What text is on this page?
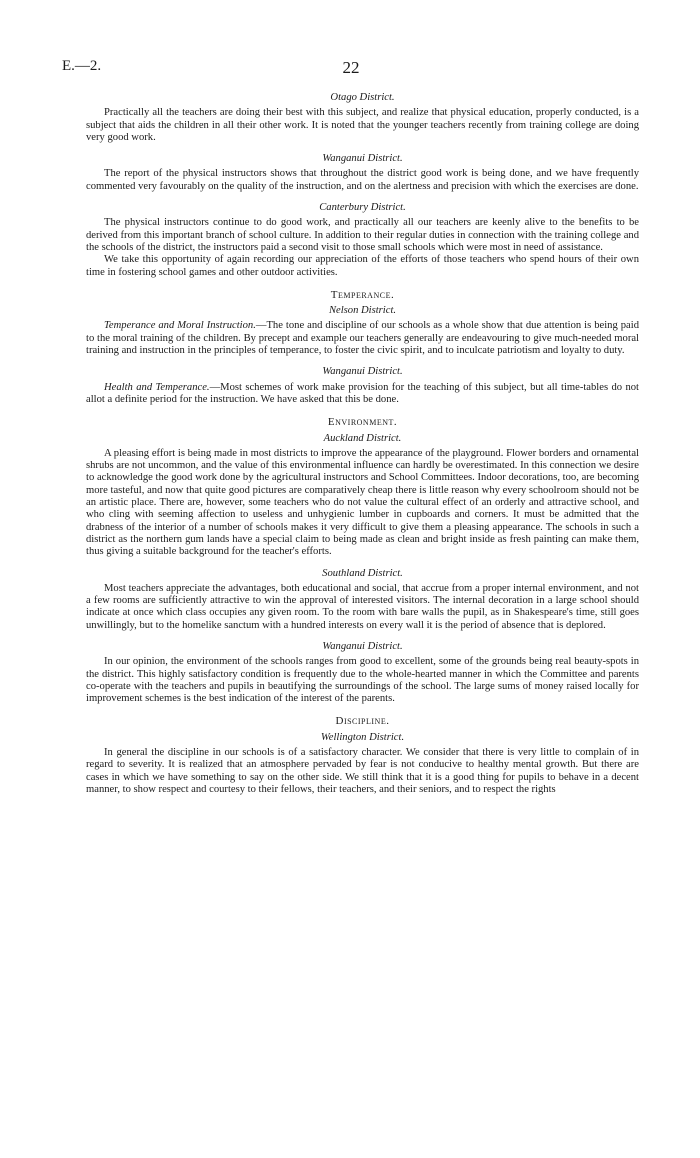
E.—2.	22
Otago District.

Practically all the teachers are doing their best with this subject, and realize that physical education, properly conducted, is a subject that aids the children in all their other work. It is noted that the younger teachers recently from training college are doing very good work.

Wanganui District.

The report of the physical instructors shows that throughout the district good work is being done, and we have frequently commented very favourably on the quality of the instruction, and on the alertness and precision with which the exercises are done.

Canterbury District.

The physical instructors continue to do good work, and practically all our teachers are keenly alive to the benefits to be derived from this important branch of school culture. In addition to their regular duties in connection with the training college and the schools of the district, the instructors paid a second visit to those small schools which were most in need of assistance.

We take this opportunity of again recording our appreciation of the efforts of those teachers who spend hours of their own time in fostering school games and other outdoor activities.

Temperance.
Nelson District.

Temperance and Moral Instruction.—The tone and discipline of our schools as a whole show that due attention is being paid to the moral training of the children. By precept and example our teachers generally are endeavouring to give much-needed moral training and instruction in the principles of temperance, to foster the civic spirit, and to inculcate patriotism and loyalty to duty.

Wanganui District.

Health and Temperance.—Most schemes of work make provision for the teaching of this subject, but all time-tables do not allot a definite period for the instruction. We have asked that this be done.

Environment.
Auckland District.

A pleasing effort is being made in most districts to improve the appearance of the playground. Flower borders and ornamental shrubs are not uncommon, and the value of this environmental influence can hardly be overestimated. In this connection we desire to acknowledge the good work done by the agricultural instructors and School Committees. Indoor decorations, too, are becoming more tasteful, and now that quite good pictures are comparatively cheap there is little reason why every schoolroom should not be an artistic place. There are, however, some teachers who do not value the cultural effect of an orderly and attractive school, and who cling with seeming affection to useless and unhygienic lumber in cupboards and corners. It must be admitted that the drabness of the interior of a number of schools makes it very difficult to give them a pleasing appearance. The schools in such a district as the northern gum lands have a special claim to being made as clean and bright inside as fresh painting can make them, thus giving a suitable background for the teacher's efforts.

Southland District.

Most teachers appreciate the advantages, both educational and social, that accrue from a proper internal environment, and not a few rooms are sufficiently attractive to win the approval of interested visitors. The internal decoration in a large school should indicate at once which class occupies any given room. To the room with bare walls the pupil, as in Shakespeare's time, still goes unwillingly, but to the homelike sanctum with a hundred interests on every wall it is the period of absence that is deplored.

Wanganui District.

In our opinion, the environment of the schools ranges from good to excellent, some of the grounds being real beauty-spots in the district. This highly satisfactory condition is frequently due to the whole-hearted manner in which the Committee and parents co-operate with the teachers and pupils in beautifying the surroundings of the school. The large sums of money raised locally for improvement schemes is the best indication of the interest of the parents.

Discipline.
Wellington District.

In general the discipline in our schools is of a satisfactory character. We consider that there is very little to complain of in regard to severity. It is realized that an atmosphere pervaded by fear is not conducive to healthy mental growth. But there are cases in which we have something to say on the other side. We still think that it is a good thing for pupils to behave in a decent manner, to show respect and courtesy to their fellows, their teachers, and their seniors, and to respect the rights
